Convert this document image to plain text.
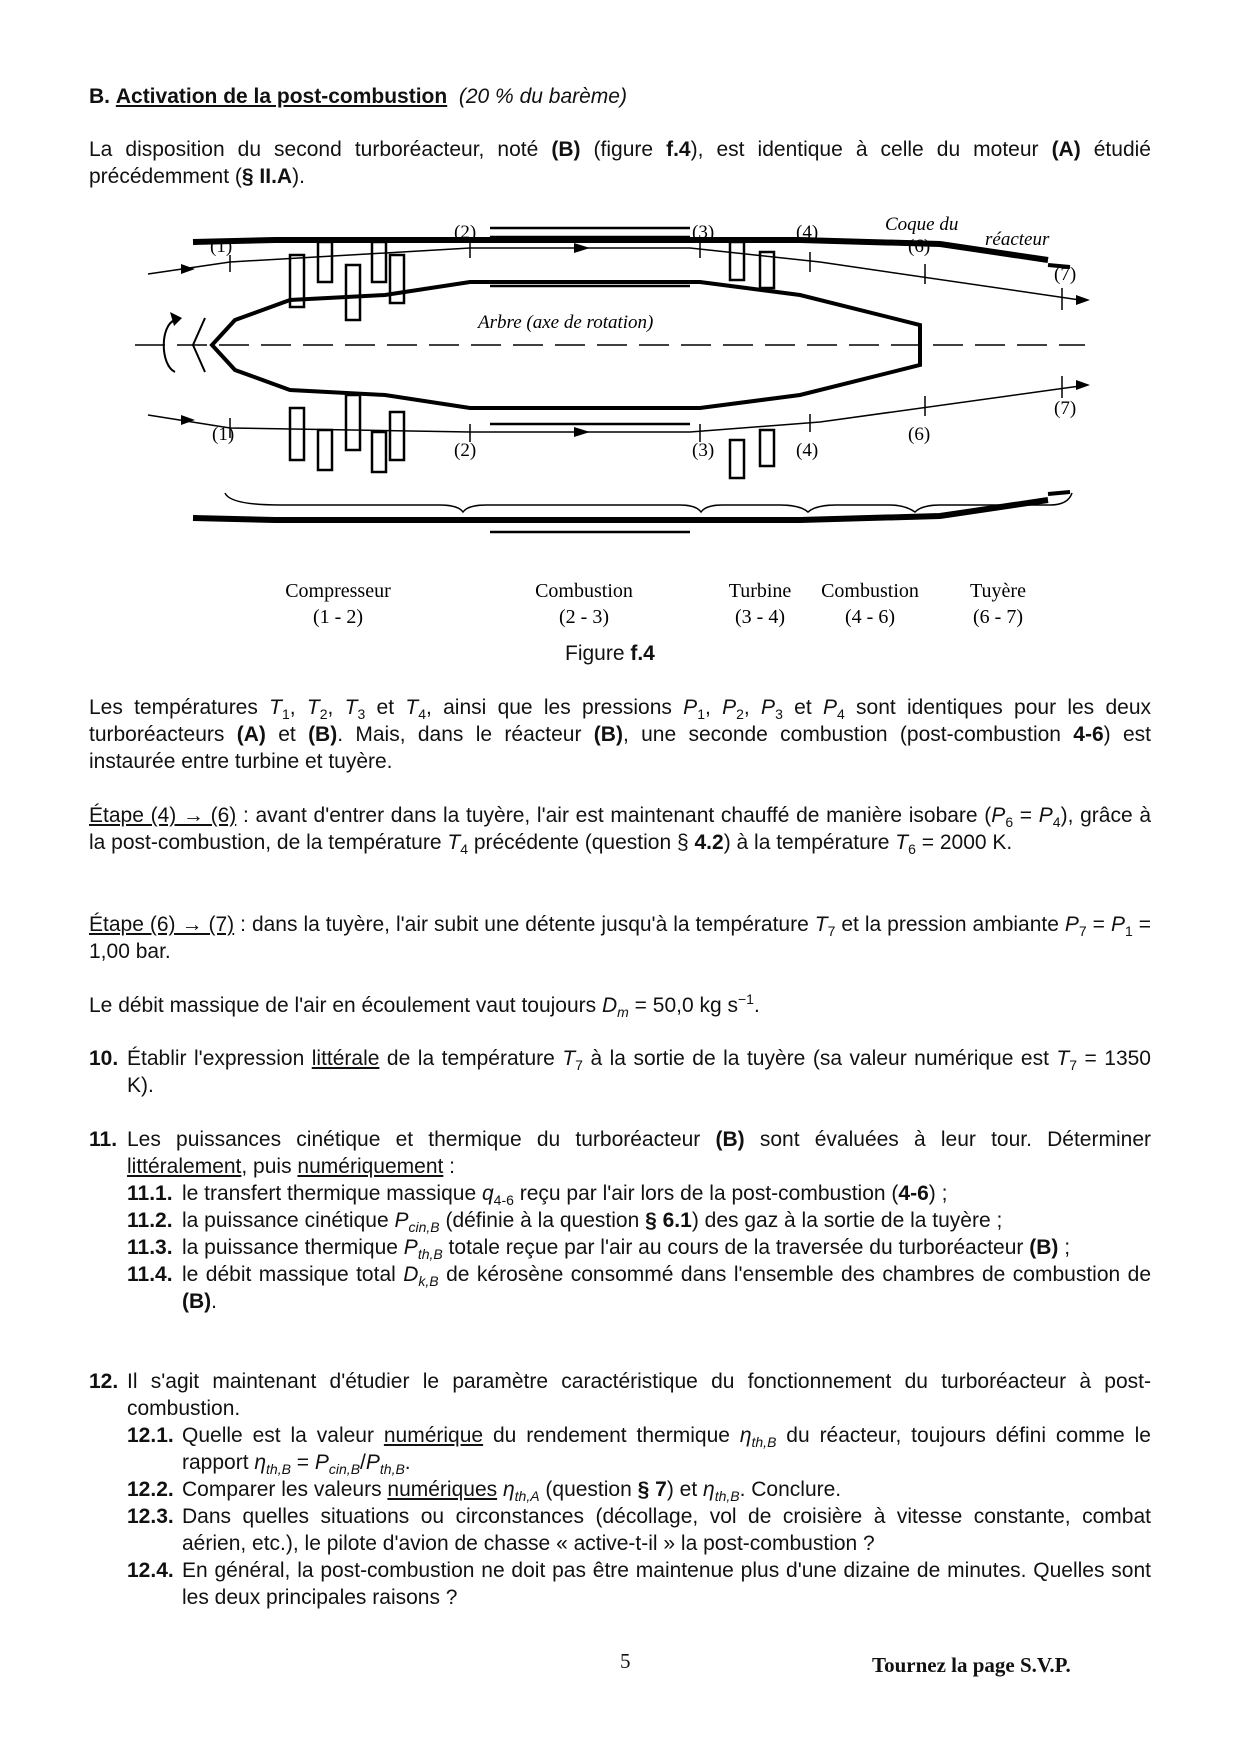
B. Activation de la post-combustion (20 % du barème)
La disposition du second turboréacteur, noté (B) (figure f.4), est identique à celle du moteur (A) étudié précédemment (§ II.A).
Arbre (axe de rotation)
(1)
(2)	(3)	(4)
(6)
(7)
(1)
(2)	(3)	(4)
(6)
(7)
Coque du
réacteur
Compresseur
(1 - 2)
Combustion
(2 - 3)
Turbine
(3 - 4)
Combustion
(4 - 6)
Tuyère
(6 - 7)
Figure f.4
Les températures $T_1$, $T_2$, $T_3$ et $T_4$, ainsi que les pressions $P_1$, $P_2$, $P_3$ et $P_4$ sont identiques pour les deux turboréacteurs (A) et (B). Mais, dans le réacteur (B), une seconde combustion (post-combustion 4-6) est instaurée entre turbine et tuyère.
Étape (4) → (6) : avant d'entrer dans la tuyère, l'air est maintenant chauffé de manière isobare $(P_6 = P_4)$, grâce à la post-combustion, de la température $T_4$ précédente (question § 4.2) à la température $T_6 = 2000$ K.
Étape (6) → (7) : dans la tuyère, l'air subit une détente jusqu'à la température $T_7$ et la pression ambiante $P_7 = P_1 = 1,00$ bar.
Le débit massique de l'air en écoulement vaut toujours $D_m = 50,0$ kg $s^{-1}$.
10. Établir l'expression littérale de la température $T_7$ à la sortie de la tuyère (sa valeur numérique est $T_7 = 1350$ K).
11. Les puissances cinétique et thermique du turboréacteur (B) sont évaluées à leur tour. Déterminer littéralement, puis numériquement :
11.1. le transfert thermique massique $q_{4-6}$ reçu par l'air lors de la post-combustion (4-6) ;
11.2. la puissance cinétique $P_{cin,B}$ (définie à la question § 6.1) des gaz à la sortie de la tuyère ;
11.3. la puissance thermique $P_{th,B}$ totale reçue par l'air au cours de la traversée du turboréacteur (B) ;
11.4. le débit massique total $D_{k,B}$ de kérosène consommé dans l'ensemble des chambres de combustion de (B).
12. Il s'agit maintenant d'étudier le paramètre caractéristique du fonctionnement du turboréacteur à post-combustion.
12.1. Quelle est la valeur numérique du rendement thermique $\eta_{th,B}$ du réacteur, toujours défini comme le rapport $\eta_{th,B} = P_{cin,B}/P_{th,B}$.
12.2. Comparer les valeurs numériques $\eta_{th,A}$ (question § 7) et $\eta_{th,B}$. Conclure.
12.3. Dans quelles situations ou circonstances (décollage, vol de croisière à vitesse constante, combat aérien, etc.), le pilote d'avion de chasse « active-t-il » la post-combustion ?
12.4. En général, la post-combustion ne doit pas être maintenue plus d'une dizaine de minutes. Quelles sont les deux principales raisons ?
5	Tournez la page S.V.P.
